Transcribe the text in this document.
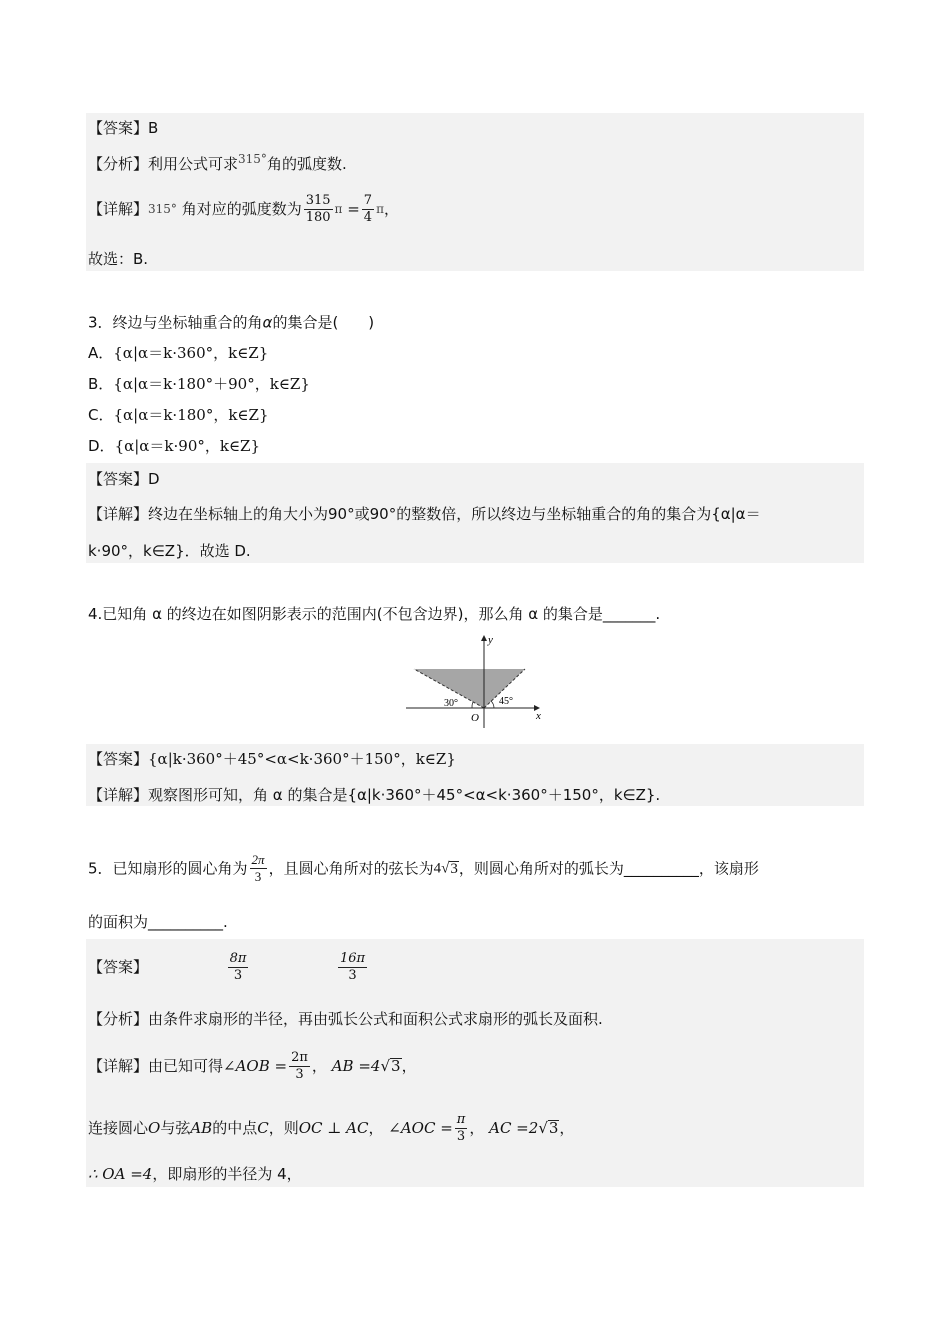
【答案】B
【分析】利用公式可求$^{315^\circ}$角的弧度数.
【详解】315° 角对应的弧度数为 $\frac{315}{180}$ $\pi = \frac{7}{4}$ π，
故选：B.
3．终边与坐标轴重合的角α的集合是(　　)
A．{α|α＝k·360°，k∈Z}
B．{α|α＝k·180°＋90°，k∈Z}
C．{α|α＝k·180°，k∈Z}
D．{α|α＝k·90°，k∈Z}
【答案】D
【详解】终边在坐标轴上的角大小为90°或90°的整数倍，所以终边与坐标轴重合的角的集合为{α|α＝
k·90°，k∈Z}．故选 D.
4.已知角 α 的终边在如图阴影表示的范围内(不包含边界)，那么角 α 的集合是_______.
y
x
O
30°	45°
【答案】{α|k·360°＋45°<α<k·360°＋150°，k∈Z}
【详解】观察图形可知，角 α 的集合是{α|k·360°＋45°<α<k·360°＋150°，k∈Z}.
5．已知扇形的圆心角为 $\frac{2\pi}{3}$ ，且圆心角所对的弦长为4√3，则圆心角所对的弧长为__________，该扇形
的面积为__________.
【答案】	$\frac{8\pi}{3}$
	$\frac{16\pi}{3}$
【分析】由条件求扇形的半径，再由弧长公式和面积公式求扇形的弧长及面积.
【详解】由已知可得∠AOB = $\frac{2\pi}{3}$ ， AB =4√3，
连接圆心O与弦AB的中点C，则OC ⊥ AC， ∠AOC = $\frac{\pi}{3}$ ， AC =2√3，
∴ OA =4，即扇形的半径为 4，
